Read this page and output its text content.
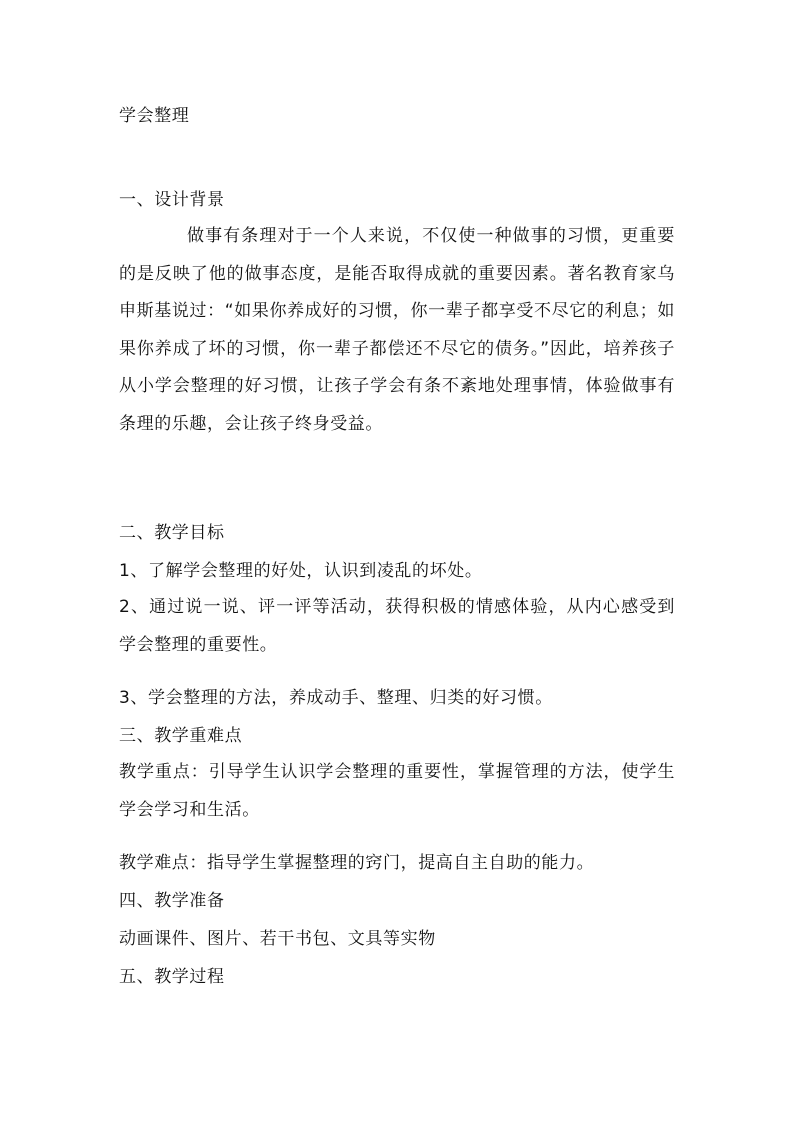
学会整理
一、设计背景
做事有条理对于一个人来说，不仅使一种做事的习惯，更重要的是反映了他的做事态度，是能否取得成就的重要因素。著名教育家乌申斯基说过：“如果你养成好的习惯，你一辈子都享受不尽它的利息；如果你养成了坏的习惯，你一辈子都偿还不尽它的债务。”因此，培养孩子从小学会整理的好习惯，让孩子学会有条不紊地处理事情，体验做事有条理的乐趣，会让孩子终身受益。
二、教学目标
1、了解学会整理的好处，认识到凌乱的坏处。
2、通过说一说、评一评等活动，获得积极的情感体验，从内心感受到学会整理的重要性。
3、学会整理的方法，养成动手、整理、归类的好习惯。
三、教学重难点
教学重点：引导学生认识学会整理的重要性，掌握管理的方法，使学生学会学习和生活。
教学难点：指导学生掌握整理的窍门，提高自主自助的能力。
四、教学准备
动画课件、图片、若干书包、文具等实物
五、教学过程
